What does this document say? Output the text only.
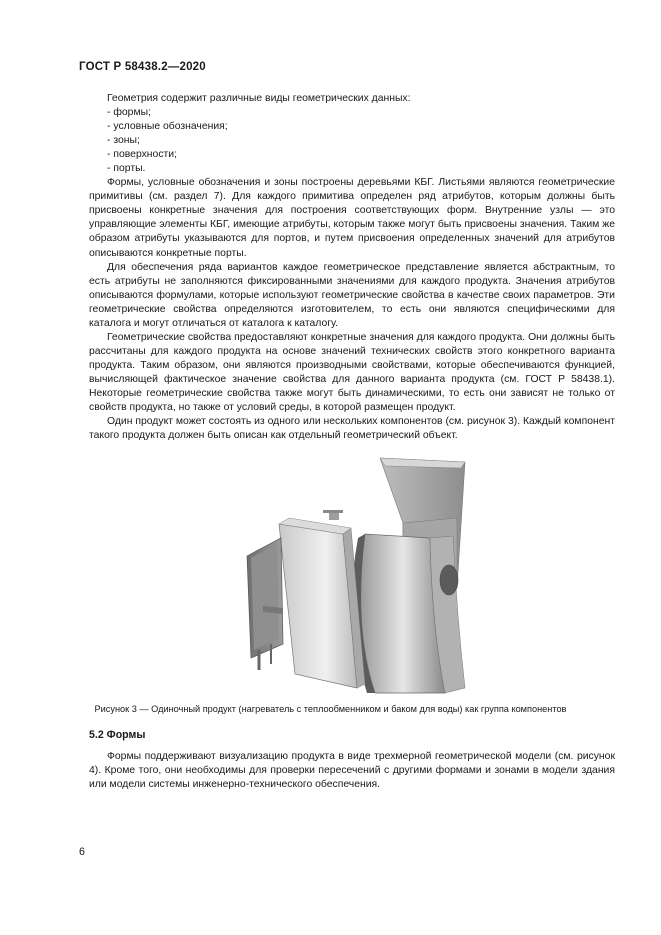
ГОСТ Р 58438.2—2020

Геометрия содержит различные виды геометрических данных:

- формы;
- условные обозначения;
- зоны;
- поверхности;
- порты.

Формы, условные обозначения и зоны построены деревьями КБГ. Листьями являются геометрические примитивы (см. раздел 7). Для каждого примитива определен ряд атрибутов, которым должны быть присвоены конкретные значения для построения соответствующих форм. Внутренние узлы — это управляющие элементы КБГ, имеющие атрибуты, которым также могут быть присвоены значения. Таким же образом атрибуты указываются для портов, и путем присвоения определенных значений для атрибутов описываются конкретные порты.

Для обеспечения ряда вариантов каждое геометрическое представление является абстрактным, то есть атрибуты не заполняются фиксированными значениями для каждого продукта. Значения атрибутов описываются формулами, которые используют геометрические свойства в качестве своих параметров. Эти геометрические свойства определяются изготовителем, то есть они являются специфическими для каталога и могут отличаться от каталога к каталогу.

Геометрические свойства предоставляют конкретные значения для каждого продукта. Они должны быть рассчитаны для каждого продукта на основе значений технических свойств этого конкретного варианта продукта. Таким образом, они являются производными свойствами, которые обеспечиваются функцией, вычисляющей фактическое значение свойства для данного варианта продукта (см. ГОСТ Р 58438.1). Некоторые геометрические свойства также могут быть динамическими, то есть они зависят не только от свойств продукта, но также от условий среды, в которой размещен продукт.

Один продукт может состоять из одного или нескольких компонентов (см. рисунок 3). Каждый компонент такого продукта должен быть описан как отдельный геометрический объект.

Рисунок 3 — Одиночный продукт (нагреватель с теплообменником и баком для воды) как группа компонентов
5.2 Формы

Формы поддерживают визуализацию продукта в виде трехмерной геометрической модели (см. рисунок 4). Кроме того, они необходимы для проверки пересечений с другими формами и зонами в модели здания или модели системы инженерно-технического обеспечения.

6
